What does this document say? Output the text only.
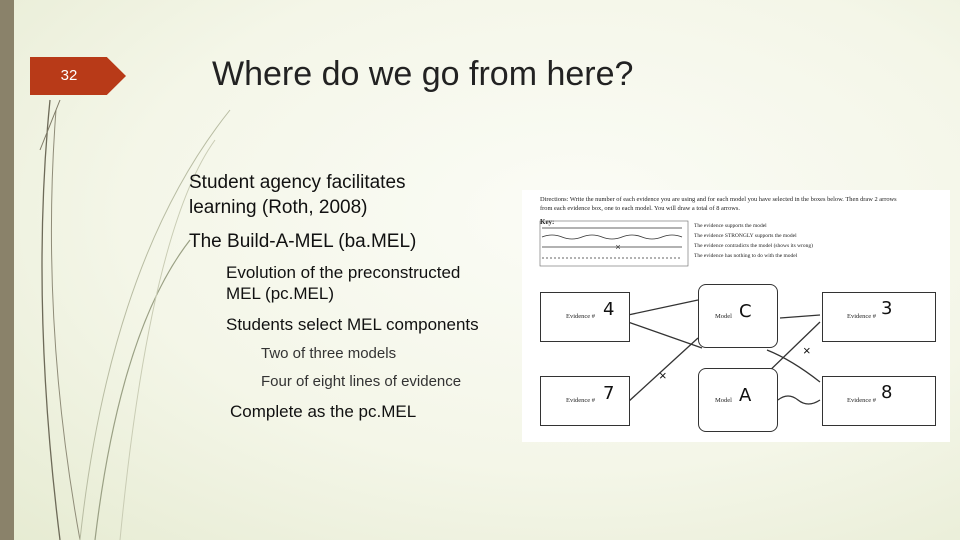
32	Where do we go from here?
Student agency facilitates
learning (Roth, 2008)
The Build-A-MEL (ba.MEL)
Evolution of the preconstructed
MEL (pc.MEL)
Students select MEL components
Two of three models
Four of eight lines of evidence
Complete as the pc.MEL
Directions: Write the number of each evidence you are using and for each model you have selected in the boxes below. Then draw 2 arrows
from each evidence box, one to each model. You will draw a total of 8 arrows.
Key:
×
×
×
The evidence supports the model
The evidence STRONGLY supports the model
The evidence contradicts the model (shows its wrong)
The evidence has nothing to do with the model
Evidence # 4	Evidence # 3
Evidence # 7	Evidence # 8
Model C
Model A
